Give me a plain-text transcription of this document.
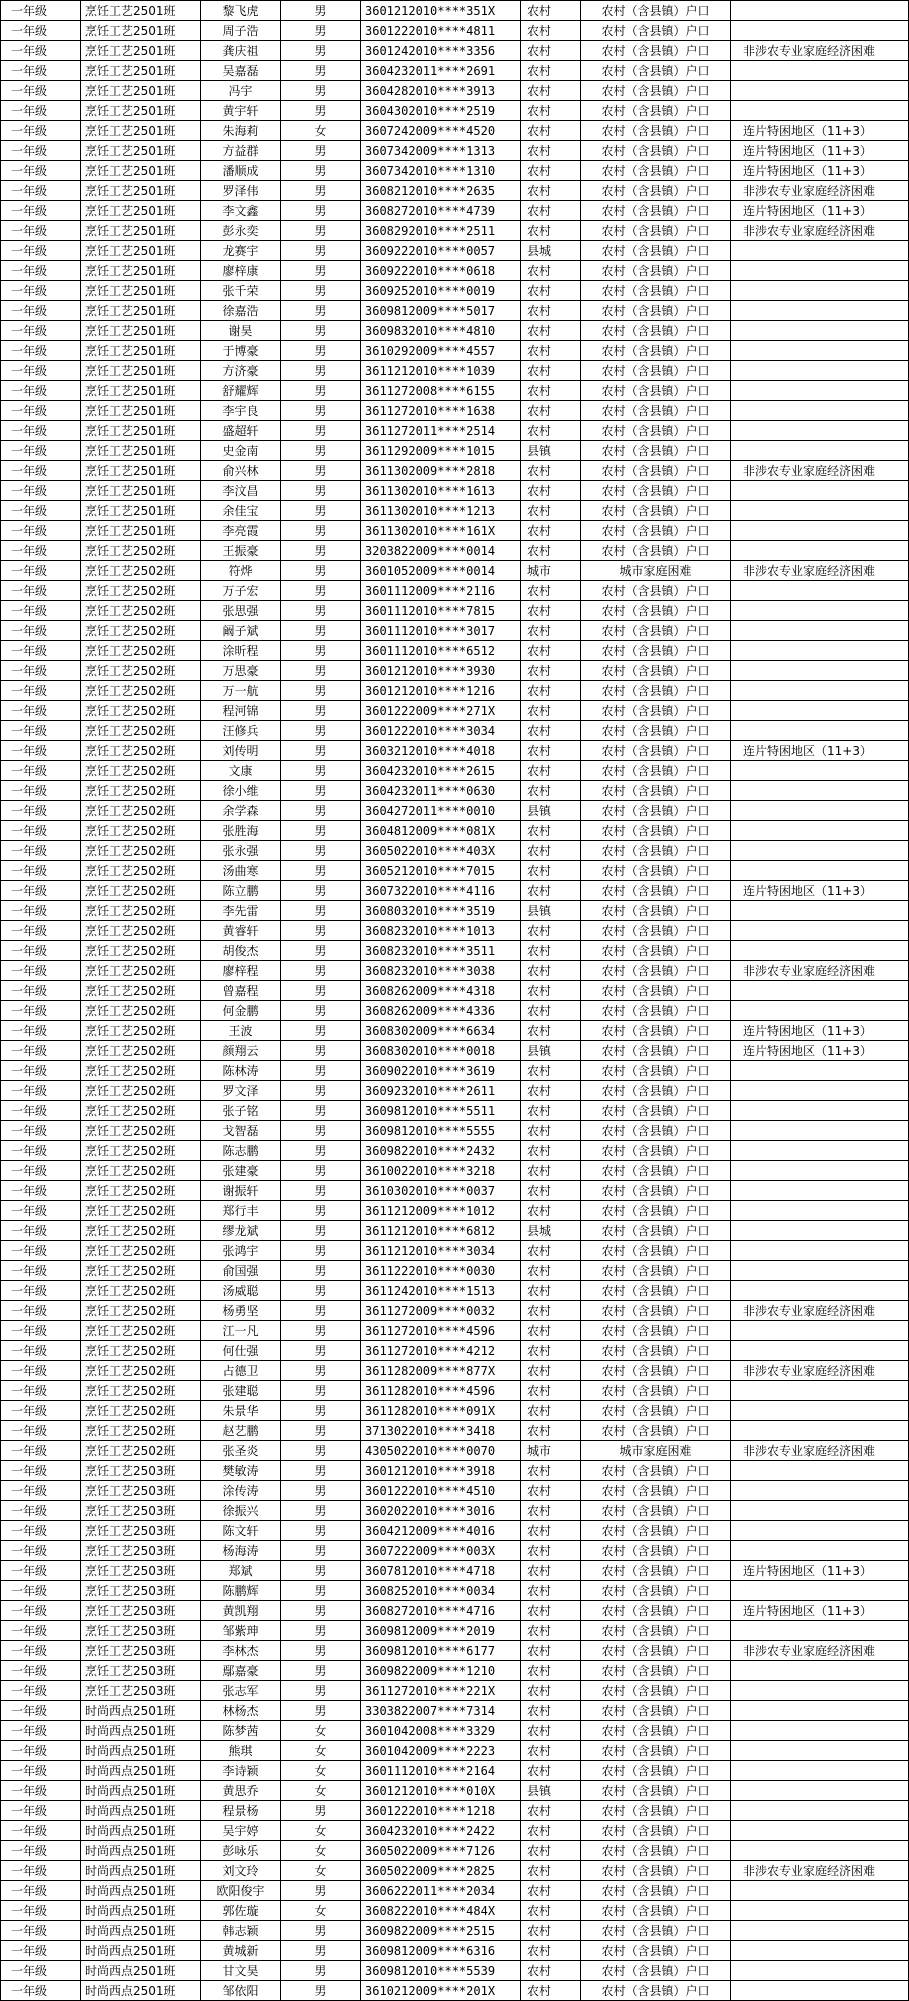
一年级	烹饪工艺2501班	黎飞虎	男	3601212010****351X	农村	农村（含县镇）户口	
一年级	烹饪工艺2501班	周子浩	男	3601222010****4811	农村	农村（含县镇）户口	
一年级	烹饪工艺2501班	龚庆祖	男	3601242010****3356	农村	农村（含县镇）户口	非涉农专业家庭经济困难
一年级	烹饪工艺2501班	吴嘉磊	男	3604232011****2691	农村	农村（含县镇）户口	
一年级	烹饪工艺2501班	冯宇	男	3604282010****3913	农村	农村（含县镇）户口	
一年级	烹饪工艺2501班	黄宇轩	男	3604302010****2519	农村	农村（含县镇）户口	
一年级	烹饪工艺2501班	朱海莉	女	3607242009****4520	农村	农村（含县镇）户口	连片特困地区（11+3）
一年级	烹饪工艺2501班	方益群	男	3607342009****1313	农村	农村（含县镇）户口	连片特困地区（11+3）
一年级	烹饪工艺2501班	潘顺成	男	3607342010****1310	农村	农村（含县镇）户口	连片特困地区（11+3）
一年级	烹饪工艺2501班	罗泽伟	男	3608212010****2635	农村	农村（含县镇）户口	非涉农专业家庭经济困难
一年级	烹饪工艺2501班	李文鑫	男	3608272010****4739	农村	农村（含县镇）户口	连片特困地区（11+3）
一年级	烹饪工艺2501班	彭永奕	男	3608292010****2511	农村	农村（含县镇）户口	非涉农专业家庭经济困难
一年级	烹饪工艺2501班	龙赛宇	男	3609222010****0057	县城	农村（含县镇）户口	
一年级	烹饪工艺2501班	廖梓康	男	3609222010****0618	农村	农村（含县镇）户口	
一年级	烹饪工艺2501班	张千荣	男	3609252010****0019	农村	农村（含县镇）户口	
一年级	烹饪工艺2501班	徐嘉浩	男	3609812009****5017	农村	农村（含县镇）户口	
一年级	烹饪工艺2501班	谢昊	男	3609832010****4810	农村	农村（含县镇）户口	
一年级	烹饪工艺2501班	于博豪	男	3610292009****4557	农村	农村（含县镇）户口	
一年级	烹饪工艺2501班	方济豪	男	3611212010****1039	农村	农村（含县镇）户口	
一年级	烹饪工艺2501班	舒耀辉	男	3611272008****6155	农村	农村（含县镇）户口	
一年级	烹饪工艺2501班	李宇良	男	3611272010****1638	农村	农村（含县镇）户口	
一年级	烹饪工艺2501班	盛超轩	男	3611272011****2514	农村	农村（含县镇）户口	
一年级	烹饪工艺2501班	史金南	男	3611292009****1015	县镇	农村（含县镇）户口	
一年级	烹饪工艺2501班	俞兴林	男	3611302009****2818	农村	农村（含县镇）户口	非涉农专业家庭经济困难
一年级	烹饪工艺2501班	李汶昌	男	3611302010****1613	农村	农村（含县镇）户口	
一年级	烹饪工艺2501班	余佳宝	男	3611302010****1213	农村	农村（含县镇）户口	
一年级	烹饪工艺2501班	李亮霞	男	3611302010****161X	农村	农村（含县镇）户口	
一年级	烹饪工艺2502班	王振豪	男	3203822009****0014	农村	农村（含县镇）户口	
一年级	烹饪工艺2502班	符烨	男	3601052009****0014	城市	城市家庭困难	非涉农专业家庭经济困难
一年级	烹饪工艺2502班	万子宏	男	3601112009****2116	农村	农村（含县镇）户口	
一年级	烹饪工艺2502班	张思强	男	3601112010****7815	农村	农村（含县镇）户口	
一年级	烹饪工艺2502班	阚子斌	男	3601112010****3017	农村	农村（含县镇）户口	
一年级	烹饪工艺2502班	涂昕程	男	3601112010****6512	农村	农村（含县镇）户口	
一年级	烹饪工艺2502班	万思豪	男	3601212010****3930	农村	农村（含县镇）户口	
一年级	烹饪工艺2502班	万一航	男	3601212010****1216	农村	农村（含县镇）户口	
一年级	烹饪工艺2502班	程河锦	男	3601222009****271X	农村	农村（含县镇）户口	
一年级	烹饪工艺2502班	汪修兵	男	3601222010****3034	农村	农村（含县镇）户口	
一年级	烹饪工艺2502班	刘传明	男	3603212010****4018	农村	农村（含县镇）户口	连片特困地区（11+3）
一年级	烹饪工艺2502班	文康	男	3604232010****2615	农村	农村（含县镇）户口	
一年级	烹饪工艺2502班	徐小维	男	3604232011****0630	农村	农村（含县镇）户口	
一年级	烹饪工艺2502班	余学森	男	3604272011****0010	县镇	农村（含县镇）户口	
一年级	烹饪工艺2502班	张胜海	男	3604812009****081X	农村	农村（含县镇）户口	
一年级	烹饪工艺2502班	张永强	男	3605022010****403X	农村	农村（含县镇）户口	
一年级	烹饪工艺2502班	汤曲寒	男	3605212010****7015	农村	农村（含县镇）户口	
一年级	烹饪工艺2502班	陈立鹏	男	3607322010****4116	农村	农村（含县镇）户口	连片特困地区（11+3）
一年级	烹饪工艺2502班	李先雷	男	3608032010****3519	县镇	农村（含县镇）户口	
一年级	烹饪工艺2502班	黄睿轩	男	3608232010****1013	农村	农村（含县镇）户口	
一年级	烹饪工艺2502班	胡俊杰	男	3608232010****3511	农村	农村（含县镇）户口	
一年级	烹饪工艺2502班	廖梓程	男	3608232010****3038	农村	农村（含县镇）户口	非涉农专业家庭经济困难
一年级	烹饪工艺2502班	曾嘉程	男	3608262009****4318	农村	农村（含县镇）户口	
一年级	烹饪工艺2502班	何金鹏	男	3608262009****4336	农村	农村（含县镇）户口	
一年级	烹饪工艺2502班	王波	男	3608302009****6634	农村	农村（含县镇）户口	连片特困地区（11+3）
一年级	烹饪工艺2502班	颜翔云	男	3608302010****0018	县镇	农村（含县镇）户口	连片特困地区（11+3）
一年级	烹饪工艺2502班	陈林涛	男	3609022010****3619	农村	农村（含县镇）户口	
一年级	烹饪工艺2502班	罗文泽	男	3609232010****2611	农村	农村（含县镇）户口	
一年级	烹饪工艺2502班	张子铭	男	3609812010****5511	农村	农村（含县镇）户口	
一年级	烹饪工艺2502班	戈智磊	男	3609812010****5555	农村	农村（含县镇）户口	
一年级	烹饪工艺2502班	陈志鹏	男	3609822010****2432	农村	农村（含县镇）户口	
一年级	烹饪工艺2502班	张建豪	男	3610022010****3218	农村	农村（含县镇）户口	
一年级	烹饪工艺2502班	谢振轩	男	3610302010****0037	农村	农村（含县镇）户口	
一年级	烹饪工艺2502班	郑行丰	男	3611212009****1012	农村	农村（含县镇）户口	
一年级	烹饪工艺2502班	缪龙斌	男	3611212010****6812	县城	农村（含县镇）户口	
一年级	烹饪工艺2502班	张鸿宇	男	3611212010****3034	农村	农村（含县镇）户口	
一年级	烹饪工艺2502班	俞国强	男	3611222010****0030	农村	农村（含县镇）户口	
一年级	烹饪工艺2502班	汤威聪	男	3611242010****1513	农村	农村（含县镇）户口	
一年级	烹饪工艺2502班	杨勇坚	男	3611272009****0032	农村	农村（含县镇）户口	非涉农专业家庭经济困难
一年级	烹饪工艺2502班	江一凡	男	3611272010****4596	农村	农村（含县镇）户口	
一年级	烹饪工艺2502班	何仕强	男	3611272010****4212	农村	农村（含县镇）户口	
一年级	烹饪工艺2502班	占德卫	男	3611282009****877X	农村	农村（含县镇）户口	非涉农专业家庭经济困难
一年级	烹饪工艺2502班	张建聪	男	3611282010****4596	农村	农村（含县镇）户口	
一年级	烹饪工艺2502班	朱景华	男	3611282010****091X	农村	农村（含县镇）户口	
一年级	烹饪工艺2502班	赵艺鹏	男	3713022010****3418	农村	农村（含县镇）户口	
一年级	烹饪工艺2502班	张圣炎	男	4305022010****0070	城市	城市家庭困难	非涉农专业家庭经济困难
一年级	烹饪工艺2503班	樊敏涛	男	3601212010****3918	农村	农村（含县镇）户口	
一年级	烹饪工艺2503班	涂传涛	男	3601222010****4510	农村	农村（含县镇）户口	
一年级	烹饪工艺2503班	徐振兴	男	3602022010****3016	农村	农村（含县镇）户口	
一年级	烹饪工艺2503班	陈文轩	男	3604212009****4016	农村	农村（含县镇）户口	
一年级	烹饪工艺2503班	杨海涛	男	3607222009****003X	农村	农村（含县镇）户口	
一年级	烹饪工艺2503班	郑斌	男	3607812010****4718	农村	农村（含县镇）户口	连片特困地区（11+3）
一年级	烹饪工艺2503班	陈鹏辉	男	3608252010****0034	农村	农村（含县镇）户口	
一年级	烹饪工艺2503班	黄凯翔	男	3608272010****4716	农村	农村（含县镇）户口	连片特困地区（11+3）
一年级	烹饪工艺2503班	邹紫珅	男	3609812009****2019	农村	农村（含县镇）户口	
一年级	烹饪工艺2503班	李林杰	男	3609812010****6177	农村	农村（含县镇）户口	非涉农专业家庭经济困难
一年级	烹饪工艺2503班	鄢嘉豪	男	3609822009****1210	农村	农村（含县镇）户口	
一年级	烹饪工艺2503班	张志军	男	3611272010****221X	农村	农村（含县镇）户口	
一年级	时尚西点2501班	林杨杰	男	3303822007****7314	农村	农村（含县镇）户口	
一年级	时尚西点2501班	陈梦茜	女	3601042008****3329	农村	农村（含县镇）户口	
一年级	时尚西点2501班	熊琪	女	3601042009****2223	农村	农村（含县镇）户口	
一年级	时尚西点2501班	李诗颖	女	3601112010****2164	农村	农村（含县镇）户口	
一年级	时尚西点2501班	黄思乔	女	3601212010****010X	县镇	农村（含县镇）户口	
一年级	时尚西点2501班	程景杨	男	3601222010****1218	农村	农村（含县镇）户口	
一年级	时尚西点2501班	吴宇婷	女	3604232010****2422	农村	农村（含县镇）户口	
一年级	时尚西点2501班	彭咏乐	女	3605022009****7126	农村	农村（含县镇）户口	
一年级	时尚西点2501班	刘文玲	女	3605022009****2825	农村	农村（含县镇）户口	非涉农专业家庭经济困难
一年级	时尚西点2501班	欧阳俊宇	男	3606222011****2034	农村	农村（含县镇）户口	
一年级	时尚西点2501班	郭佐璇	女	3608222010****484X	农村	农村（含县镇）户口	
一年级	时尚西点2501班	韩志颖	男	3609822009****2515	农村	农村（含县镇）户口	
一年级	时尚西点2501班	黄城新	男	3609812009****6316	农村	农村（含县镇）户口	
一年级	时尚西点2501班	甘文昊	男	3609812010****5539	农村	农村（含县镇）户口	
一年级	时尚西点2501班	邹依阳	男	3610212009****201X	农村	农村（含县镇）户口	
